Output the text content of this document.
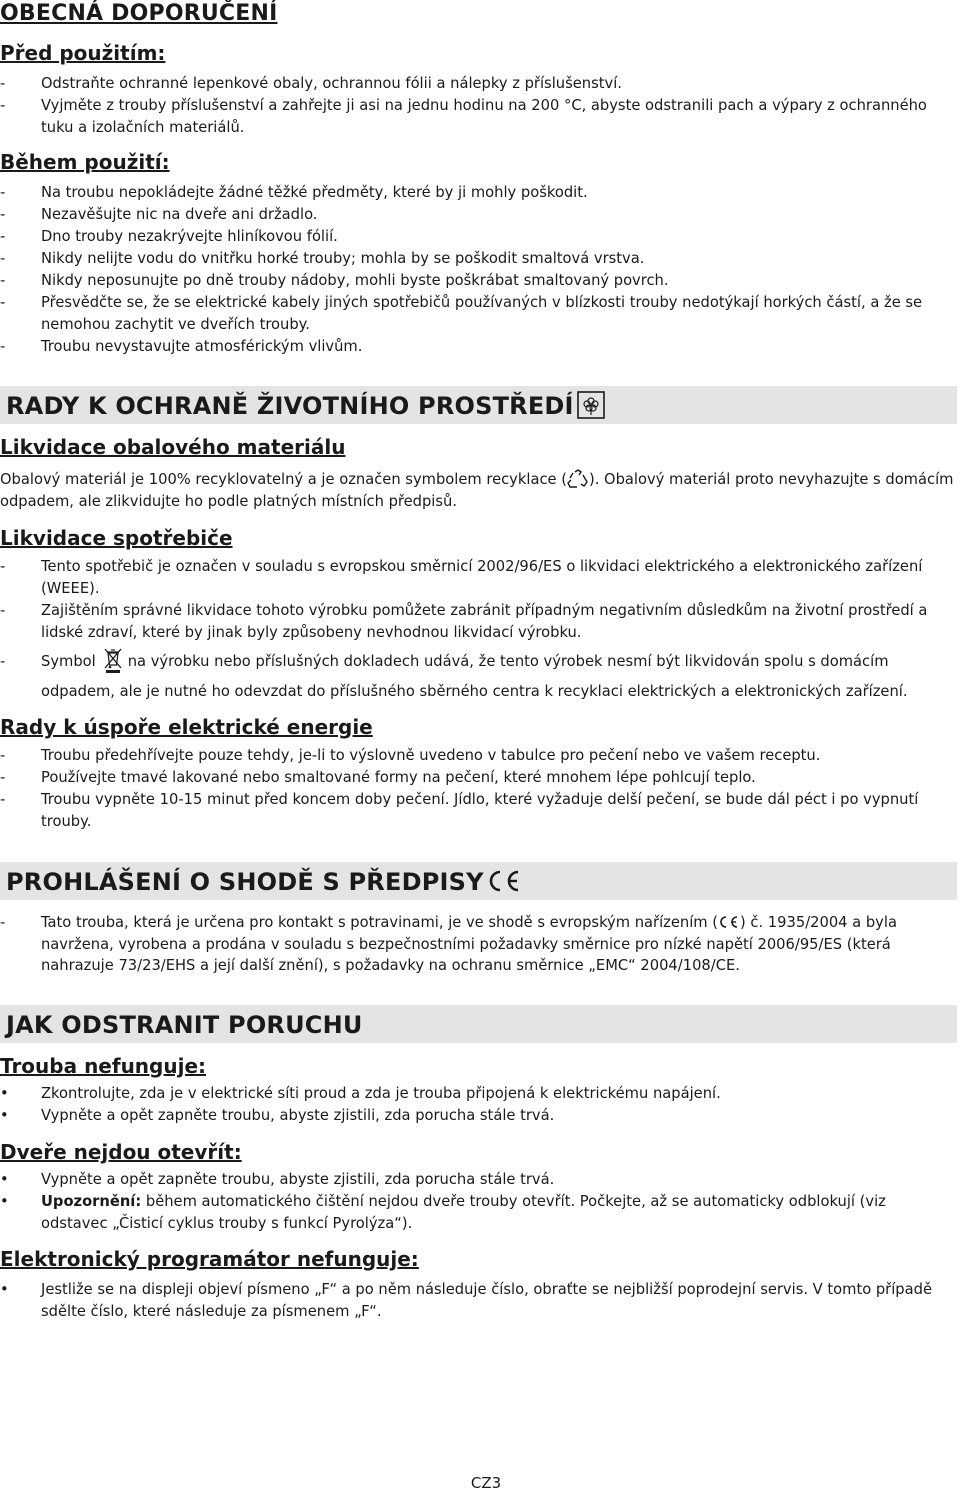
OBECNÁ DOPORUČENÍ
Před použitím:
- Odstraňte ochranné lepenkové obaly, ochrannou fólii a nálepky z příslušenství.
- Vyjměte z trouby příslušenství a zahřejte ji asi na jednu hodinu na 200 °C, abyste odstranili pach a výpary z ochranného tuku a izolačních materiálů.
Během použití:
- Na troubu nepokládejte žádné těžké předměty, které by ji mohly poškodit.
- Nezavěšujte nic na dveře ani držadlo.
- Dno trouby nezakrývejte hliníkovou fólií.
- Nikdy nelijte vodu do vnitřku horké trouby; mohla by se poškodit smaltová vrstva.
- Nikdy neposunujte po dně trouby nádoby, mohli byste poškrábat smaltovaný povrch.
- Přesvědčte se, že se elektrické kabely jiných spotřebičů používaných v blízkosti trouby nedotýkají horkých částí, a že se nemohou zachytit ve dveřích trouby.
- Troubu nevystavujte atmosférickým vlivům.
RADY K OCHRANĚ ŽIVOTNÍHO PROSTŘEDÍ
Likvidace obalového materiálu
Obalový materiál je 100% recyklovatelný a je označen symbolem recyklace ( ). Obalový materiál proto nevyhazujte s domácím odpadem, ale zlikvidujte ho podle platných místních předpisů.
Likvidace spotřebiče
- Tento spotřebič je označen v souladu s evropskou směrnicí 2002/96/ES o likvidaci elektrického a elektronického zařízení (WEEE).
- Zajištěním správné likvidace tohoto výrobku pomůžete zabránit případným negativním důsledkům na životní prostředí a lidské zdraví, které by jinak byly způsobeny nevhodnou likvidací výrobku.
- Symbol na výrobku nebo příslušných dokladech udává, že tento výrobek nesmí být likvidován spolu s domácím
odpadem, ale je nutné ho odevzdat do příslušného sběrného centra k recyklaci elektrických a elektronických zařízení.
Rady k úspoře elektrické energie
- Troubu předehřívejte pouze tehdy, je-li to výslovně uvedeno v tabulce pro pečení nebo ve vašem receptu.
- Používejte tmavé lakované nebo smaltované formy na pečení, které mnohem lépe pohlcují teplo.
- Troubu vypněte 10-15 minut před koncem doby pečení. Jídlo, které vyžaduje delší pečení, se bude dál péct i po vypnutí trouby.
PROHLÁŠENÍ O SHODĚ S PŘEDPISY
- Tato trouba, která je určena pro kontakt s potravinami, je ve shodě s evropským nařízením ( ) č. 1935/2004 a byla navržena, vyrobena a prodána v souladu s bezpečnostními požadavky směrnice pro nízké napětí 2006/95/ES (která nahrazuje 73/23/EHS a její další znění), s požadavky na ochranu směrnice „EMC“ 2004/108/CE.
JAK ODSTRANIT PORUCHU
Trouba nefunguje:
• Zkontrolujte, zda je v elektrické síti proud a zda je trouba připojená k elektrickému napájení.
• Vypněte a opět zapněte troubu, abyste zjistili, zda porucha stále trvá.
Dveře nejdou otevřít:
• Vypněte a opět zapněte troubu, abyste zjistili, zda porucha stále trvá.
• Upozornění: během automatického čištění nejdou dveře trouby otevřít. Počkejte, až se automaticky odblokují (viz odstavec „Čisticí cyklus trouby s funkcí Pyrolýza“).
Elektronický programátor nefunguje:
• Jestliže se na displeji objeví písmeno „F“ a po něm následuje číslo, obraťte se nejbližší poprodejní servis. V tomto případě sdělte číslo, které následuje za písmenem „F“.
CZ3
